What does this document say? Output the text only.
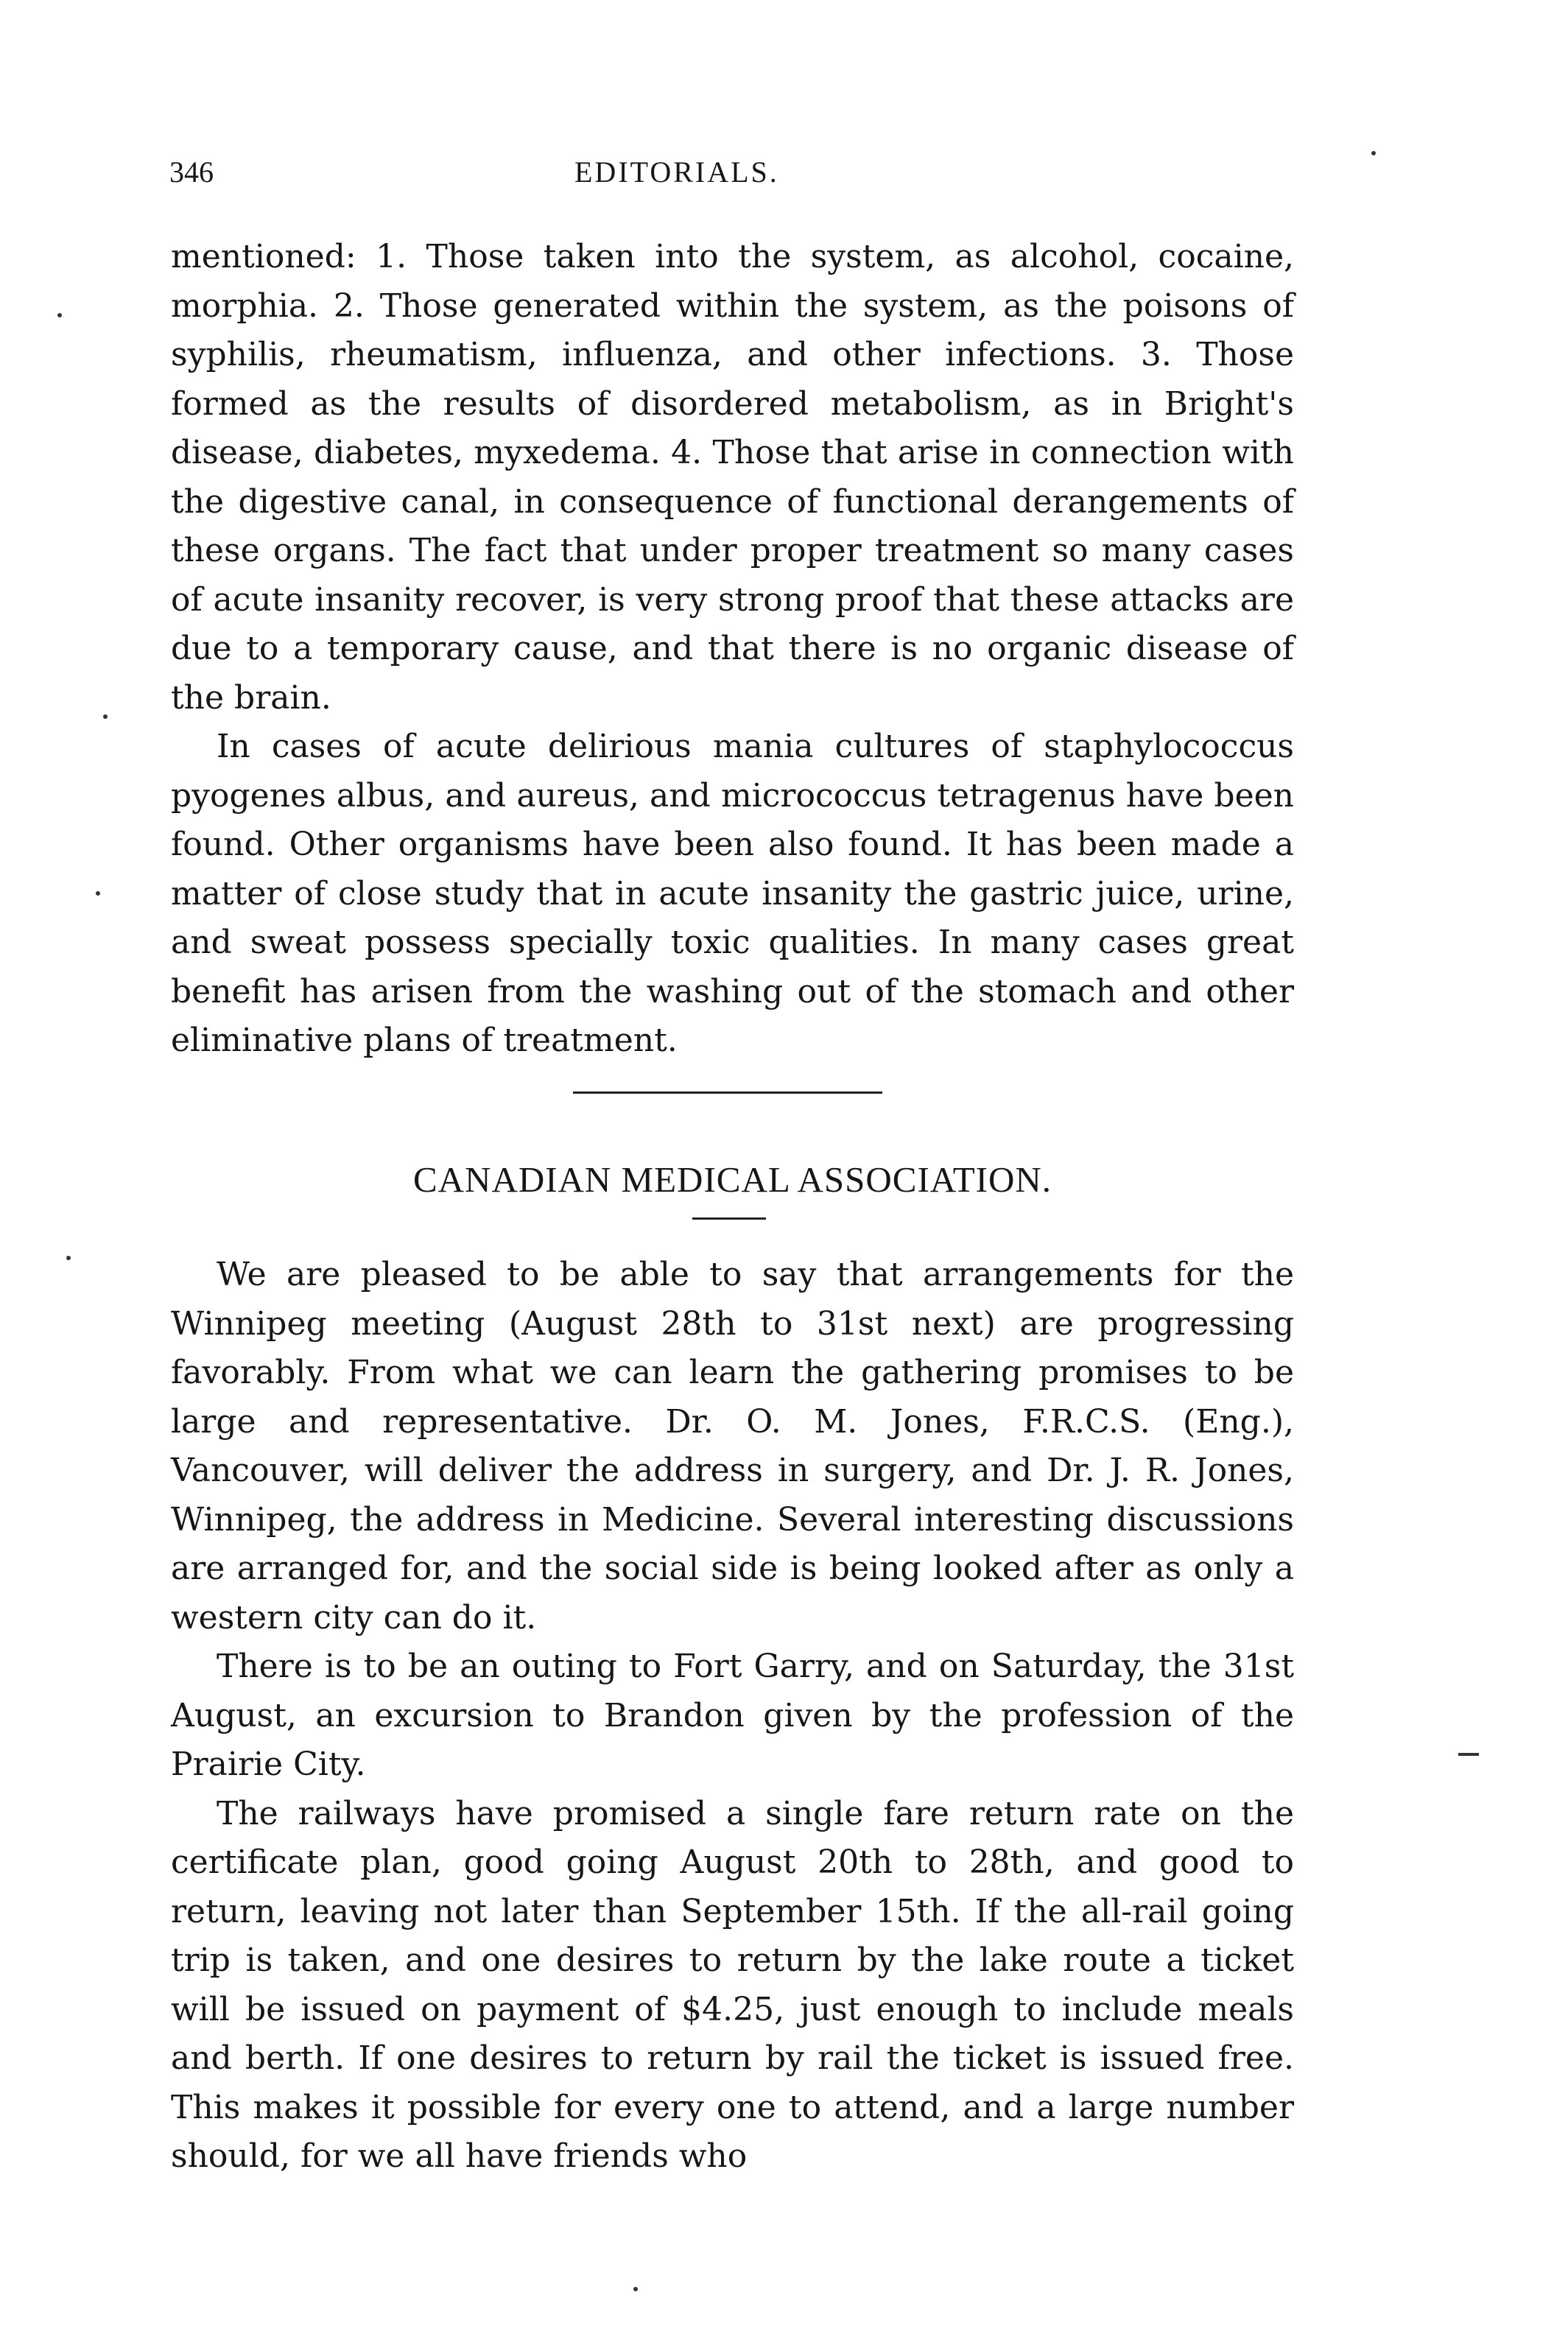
346	EDITORIALS.

mentioned: 1. Those taken into the system, as alcohol, cocaine, morphia. 2. Those generated within the system, as the poisons of syphilis, rheumatism, influenza, and other infections. 3. Those formed as the results of disordered metabolism, as in Bright's disease, diabetes, myxedema. 4. Those that arise in connection with the digestive canal, in consequence of functional derangements of these organs. The fact that under proper treatment so many cases of acute insanity recover, is very strong proof that these attacks are due to a temporary cause, and that there is no organic disease of the brain.

In cases of acute delirious mania cultures of staphylococcus pyogenes albus, and aureus, and micrococcus tetragenus have been found. Other organisms have been also found. It has been made a matter of close study that in acute insanity the gastric juice, urine, and sweat possess specially toxic qualities. In many cases great benefit has arisen from the washing out of the stomach and other eliminative plans of treatment.

CANADIAN MEDICAL ASSOCIATION.

We are pleased to be able to say that arrangements for the Winnipeg meeting (August 28th to 31st next) are progressing favorably. From what we can learn the gathering promises to be large and representative. Dr. O. M. Jones, F.R.C.S. (Eng.), Vancouver, will deliver the address in surgery, and Dr. J. R. Jones, Winnipeg, the address in Medicine. Several interesting discussions are arranged for, and the social side is being looked after as only a western city can do it.

There is to be an outing to Fort Garry, and on Saturday, the 31st August, an excursion to Brandon given by the profession of the Prairie City.

The railways have promised a single fare return rate on the certificate plan, good going August 20th to 28th, and good to return, leaving not later than September 15th. If the all-rail going trip is taken, and one desires to return by the lake route a ticket will be issued on payment of $4.25, just enough to include meals and berth. If one desires to return by rail the ticket is issued free. This makes it possible for every one to attend, and a large number should, for we all have friends who
